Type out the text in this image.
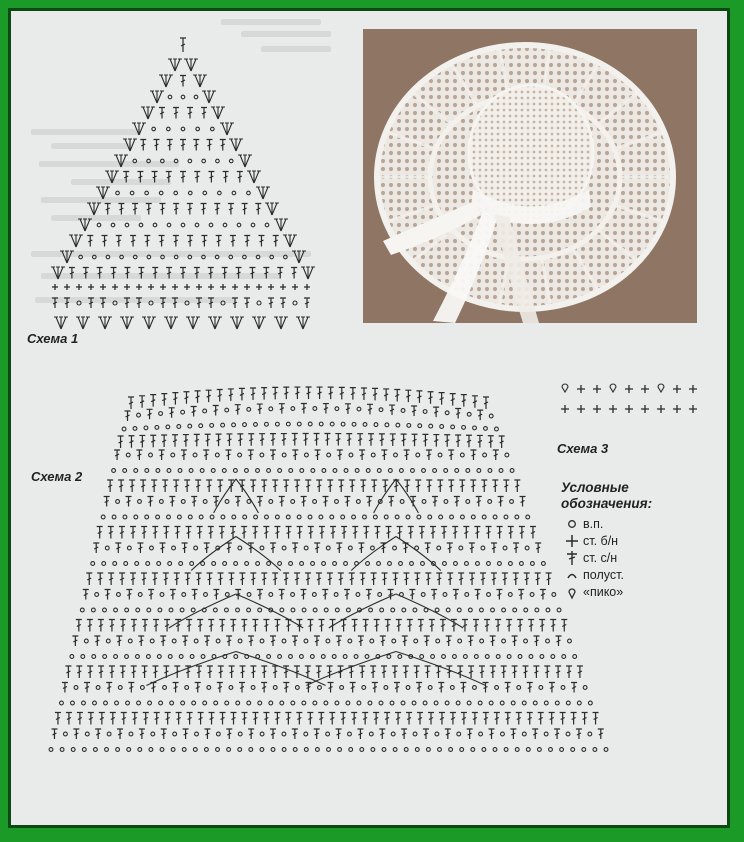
Схема 1
Схема 2
Схема 3
Условные
обозначения:
в.п.
ст. б/н
ст. с/н
полуст.
«пико»
